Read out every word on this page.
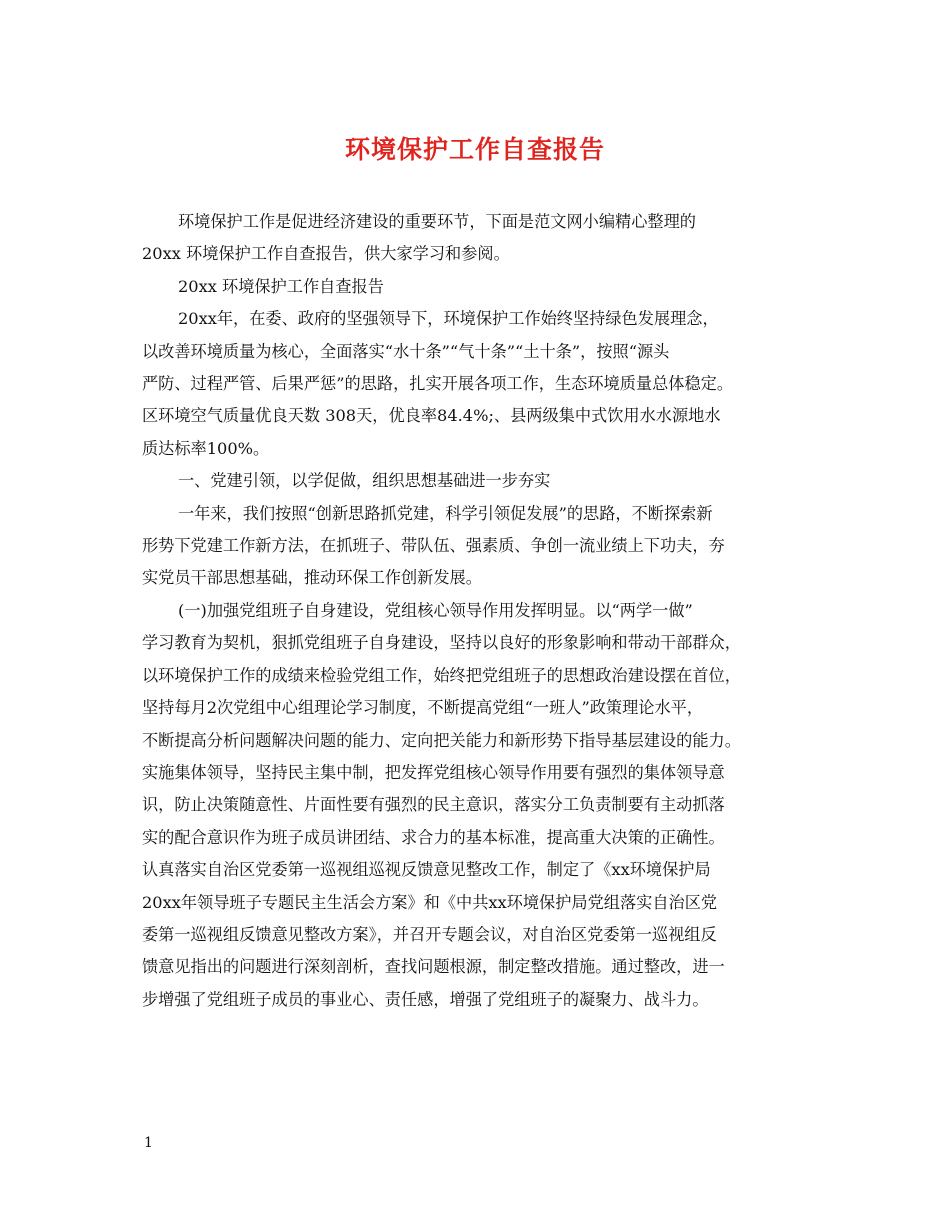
环境保护工作自查报告

环境保护工作是促进经济建设的重要环节，下面是范文网小编精心整理的
20xx 环境保护工作自查报告，供大家学习和参阅。

20xx 环境保护工作自查报告

20xx年，在委、政府的坚强领导下，环境保护工作始终坚持绿色发展理念，
以改善环境质量为核心，全面落实“水十条”“气十条”“土十条”，按照“源头
严防、过程严管、后果严惩”的思路，扎实开展各项工作，生态环境质量总体稳定。
区环境空气质量优良天数 308天，优良率84.4%;、县两级集中式饮用水水源地水
质达标率100%。

一、党建引领，以学促做，组织思想基础进一步夯实

一年来，我们按照“创新思路抓党建，科学引领促发展”的思路，不断探索新
形势下党建工作新方法，在抓班子、带队伍、强素质、争创一流业绩上下功夫，夯
实党员干部思想基础，推动环保工作创新发展。

(一)加强党组班子自身建设，党组核心领导作用发挥明显。以“两学一做”
学习教育为契机，狠抓党组班子自身建设，坚持以良好的形象影响和带动干部群众，
以环境保护工作的成绩来检验党组工作，始终把党组班子的思想政治建设摆在首位，
坚持每月2次党组中心组理论学习制度，不断提高党组“一班人”政策理论水平，
不断提高分析问题解决问题的能力、定向把关能力和新形势下指导基层建设的能力。
实施集体领导，坚持民主集中制，把发挥党组核心领导作用要有强烈的集体领导意
识，防止决策随意性、片面性要有强烈的民主意识，落实分工负责制要有主动抓落
实的配合意识作为班子成员讲团结、求合力的基本标准，提高重大决策的正确性。
认真落实自治区党委第一巡视组巡视反馈意见整改工作，制定了《xx环境保护局
20xx年领导班子专题民主生活会方案》和《中共xx环境保护局党组落实自治区党
委第一巡视组反馈意见整改方案》，并召开专题会议，对自治区党委第一巡视组反
馈意见指出的问题进行深刻剖析，查找问题根源，制定整改措施。通过整改，进一
步增强了党组班子成员的事业心、责任感，增强了党组班子的凝聚力、战斗力。

1
